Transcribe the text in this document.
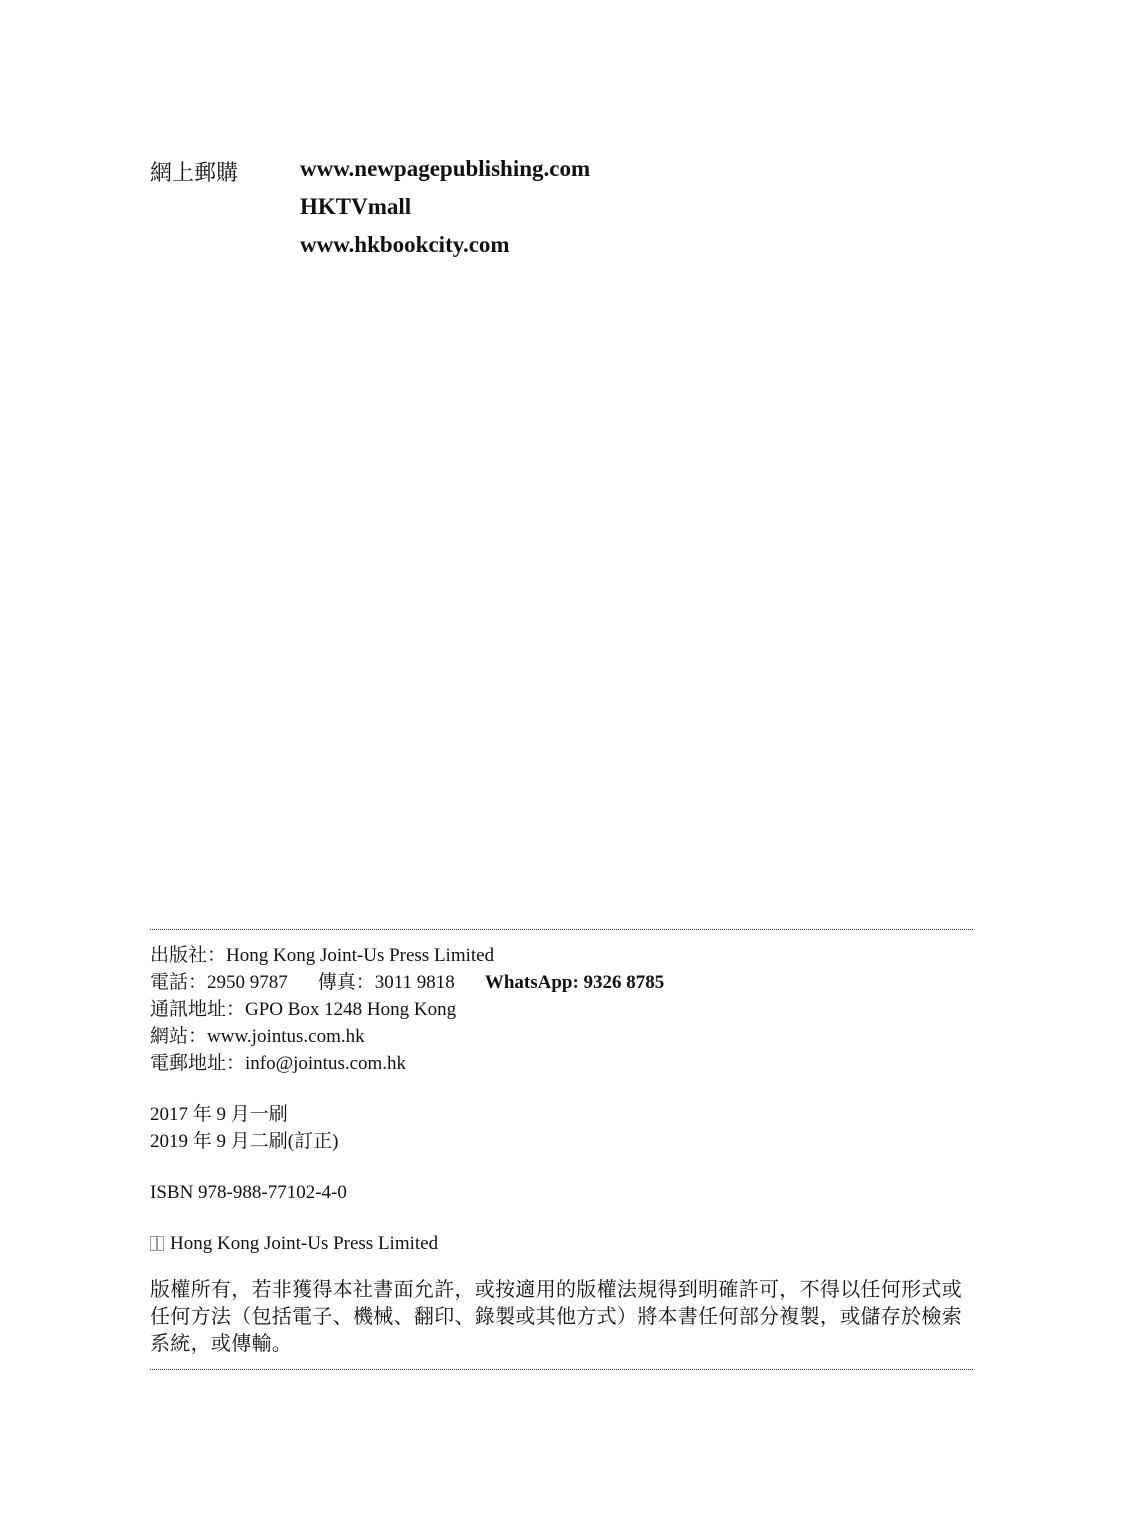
網上郵購	www.newpagepublishing.com
HKTVmall
www.hkbookcity.com
出版社：Hong Kong Joint-Us Press Limited
電話：2950 9787 傳真：3011 9818 WhatsApp: 9326 8785
通訊地址：GPO Box 1248 Hong Kong
網站：www.jointus.com.hk
電郵地址：info@jointus.com.hk
2017 年 9 月一刷
2019 年 9 月二刷(訂正)
ISBN 978-988-77102-4-0
Hong Kong Joint-Us Press Limited
版權所有，若非獲得本社書面允許，或按適用的版權法規得到明確許可，不得以任何形式或
任何方法（包括電子、機械、翻印、錄製或其他方式）將本書任何部分複製，或儲存於檢索
系統，或傳輸。
